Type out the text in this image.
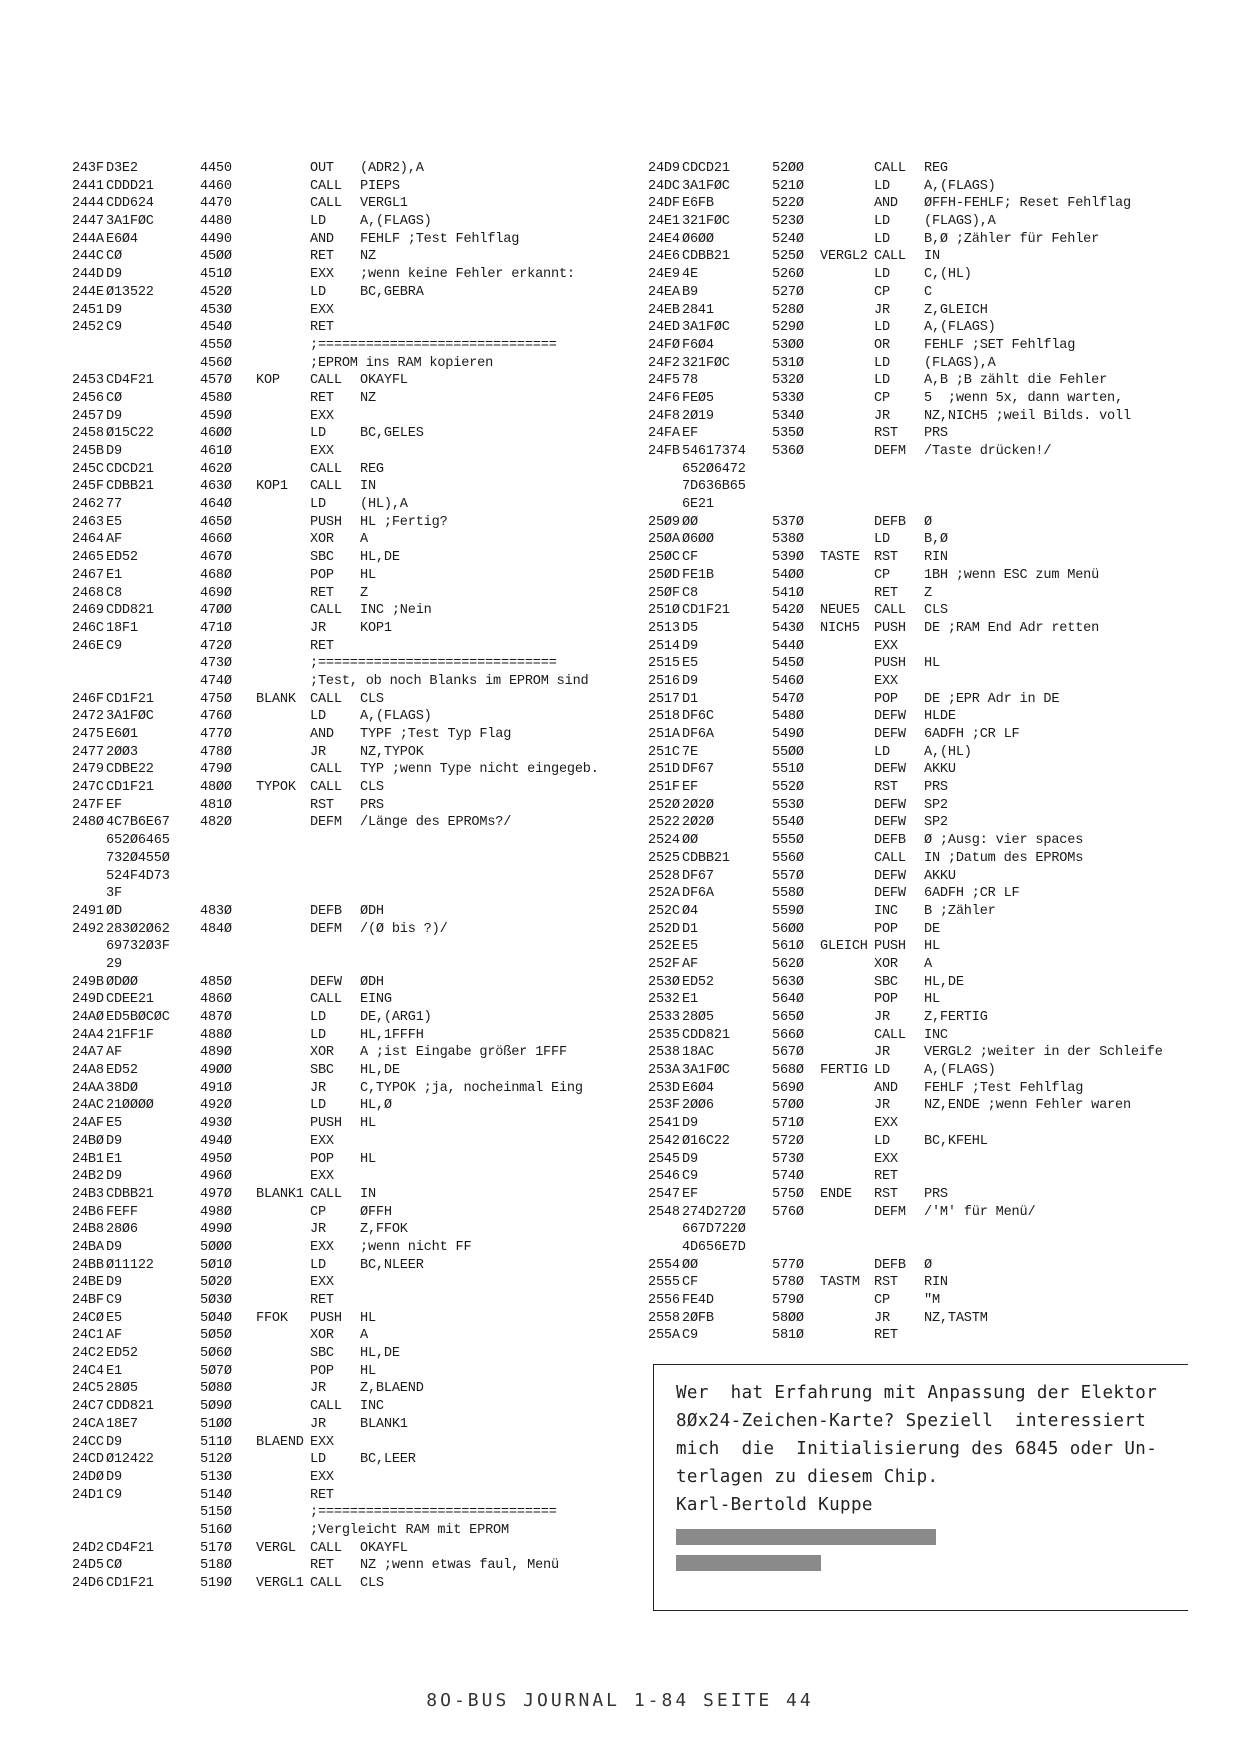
243F D3E2	4450	OUT (ADR2),A
2441 CDDD21	4460	CALL PIEPS
2444 CDD624	4470	CALL VERGL1
2447 3A1FØC	4480	LD	A,(FLAGS)
244A E6Ø4	4490	AND FEHLF ;Test Fehlflag
244C CØ	45ØØ	RET NZ
244D D9	451Ø	EXX ;wenn keine Fehler erkannt:
244E Ø13522	452Ø	LD	BC,GEBRA
2451 D9	453Ø	EXX
2452 C9	454Ø	RET
455Ø	;==============================
456Ø	;EPROM ins RAM kopieren
2453 CD4F21	457Ø KOP CALL OKAYFL
2456 CØ	458Ø	RET NZ
2457 D9	459Ø	EXX
2458 Ø15C22	46ØØ	LD	BC,GELES
245B D9	461Ø	EXX
245C CDCD21	462Ø	CALL REG
245F CDBB21	463Ø KOP1 CALL IN
2462 77	464Ø	LD	(HL),A
2463 E5	465Ø	PUSH HL ;Fertig?
2464 AF	466Ø	XOR A
2465 ED52	467Ø	SBC HL,DE
2467 E1	468Ø	POP HL
2468 C8	469Ø	RET Z
2469 CDD821	47ØØ	CALL INC ;Nein
246C 18F1	471Ø	JR	KOP1
246E C9	472Ø	RET
473Ø	;==============================
474Ø	;Test, ob noch Blanks im EPROM sind
246F CD1F21	475Ø BLANK CALL CLS
2472 3A1FØC	476Ø	LD	A,(FLAGS)
2475 E6Ø1	477Ø	AND TYPF ;Test Typ Flag
2477 2ØØ3	478Ø	JR	NZ,TYPOK
2479 CDBE22	479Ø	CALL TYP ;wenn Type nicht eingegeb.
247C CD1F21	48ØØ TYPOK CALL CLS
247F EF	481Ø	RST PRS
248Ø 4C7B6E67 482Ø	DEFM /Länge des EPROMs?/
652Ø6465
732Ø455Ø
524F4D73
3F
2491 ØD	483Ø	DEFB ØDH
2492 283Ø2Ø62 484Ø	DEFM /(Ø bis ?)/
69732Ø3F
29
249B ØDØØ	485Ø	DEFW ØDH
249D CDEE21	486Ø	CALL EING
24AØ ED5BØCØC 487Ø	LD	DE,(ARG1)
24A4 21FF1F	488Ø	LD	HL,1FFFH
24A7 AF	489Ø	XOR A ;ist Eingabe größer 1FFF
24A8 ED52	49ØØ	SBC HL,DE
24AA 38DØ	491Ø	JR	C,TYPOK ;ja, nocheinmal Eing
24AC 21ØØØØ	492Ø	LD	HL,Ø
24AF E5	493Ø	PUSH HL
24BØ D9	494Ø	EXX
24B1 E1	495Ø	POP HL
24B2 D9	496Ø	EXX
24B3 CDBB21	497Ø BLANK1 CALL IN
24B6 FEFF	498Ø	CP	ØFFH
24B8 28Ø6	499Ø	JR	Z,FFOK
24BA D9	5ØØØ	EXX ;wenn nicht FF
24BB Ø11122	5Ø1Ø	LD	BC,NLEER
24BE D9	5Ø2Ø	EXX
24BF C9	5Ø3Ø	RET
24CØ E5	5Ø4Ø FFOK PUSH HL
24C1 AF	5Ø5Ø	XOR A
24C2 ED52	5Ø6Ø	SBC HL,DE
24C4 E1	5Ø7Ø	POP HL
24C5 28Ø5	5Ø8Ø	JR	Z,BLAEND
24C7 CDD821	5Ø9Ø	CALL INC
24CA 18E7	51ØØ	JR	BLANK1
24CC D9	511Ø BLAEND EXX
24CD Ø12422	512Ø	LD	BC,LEER
24DØ D9	513Ø	EXX
24D1 C9	514Ø	RET
515Ø	;==============================
516Ø	;Vergleicht RAM mit EPROM
24D2 CD4F21	517Ø VERGL CALL OKAYFL
24D5 CØ	518Ø	RET NZ ;wenn etwas faul, Menü
24D6 CD1F21	519Ø VERGL1 CALL CLS
24D9 CDCD21	52ØØ	CALL REG
24DC 3A1FØC	521Ø	LD	A,(FLAGS)
24DF E6FB	522Ø	AND ØFFH-FEHLF; Reset Fehlflag
24E1 321FØC	523Ø	LD	(FLAGS),A
24E4 Ø6ØØ	524Ø	LD	B,Ø ;Zähler für Fehler
24E6 CDBB21	525Ø VERGL2 CALL IN
24E9 4E	526Ø	LD	C,(HL)
24EA B9	527Ø	CP	C
24EB 2841	528Ø	JR	Z,GLEICH
24ED 3A1FØC	529Ø	LD	A,(FLAGS)
24FØ F6Ø4	53ØØ	OR	FEHLF ;SET Fehlflag
24F2 321FØC	531Ø	LD	(FLAGS),A
24F5 78	532Ø	LD	A,B ;B zählt die Fehler
24F6 FEØ5	533Ø	CP	5  ;wenn 5x, dann warten,
24F8 2Ø19	534Ø	JR	NZ,NICH5 ;weil Bilds. voll
24FA EF	535Ø	RST PRS
24FB 54617374 536Ø	DEFM /Taste drücken!/
652Ø6472
7D636B65
6E21
25Ø9 ØØ	537Ø	DEFB Ø
25ØA Ø6ØØ	538Ø	LD	B,Ø
25ØC CF	539Ø TASTE RST RIN
25ØD FE1B	54ØØ	CP	1BH ;wenn ESC zum Menü
25ØF C8	541Ø	RET Z
251Ø CD1F21	542Ø NEUE5 CALL CLS
2513 D5	543Ø NICH5 PUSH DE ;RAM End Adr retten
2514 D9	544Ø	EXX
2515 E5	545Ø	PUSH HL
2516 D9	546Ø	EXX
2517 D1	547Ø	POP DE ;EPR Adr in DE
2518 DF6C	548Ø	DEFW HLDE
251A DF6A	549Ø	DEFW 6ADFH ;CR LF
251C 7E	55ØØ	LD	A,(HL)
251D DF67	551Ø	DEFW AKKU
251F EF	552Ø	RST PRS
252Ø 2Ø2Ø	553Ø	DEFW SP2
2522 2Ø2Ø	554Ø	DEFW SP2
2524 ØØ	555Ø	DEFB Ø ;Ausg: vier spaces
2525 CDBB21	556Ø	CALL IN ;Datum des EPROMs
2528 DF67	557Ø	DEFW AKKU
252A DF6A	558Ø	DEFW 6ADFH ;CR LF
252C Ø4	559Ø	INC B ;Zähler
252D D1	56ØØ	POP DE
252E E5	561Ø GLEICH PUSH HL
252F AF	562Ø	XOR A
253Ø ED52	563Ø	SBC HL,DE
2532 E1	564Ø	POP HL
2533 28Ø5	565Ø	JR	Z,FERTIG
2535 CDD821	566Ø	CALL INC
2538 18AC	567Ø	JR	VERGL2 ;weiter in der Schleife
253A 3A1FØC	568Ø FERTIG LD	A,(FLAGS)
253D E6Ø4	569Ø	AND FEHLF ;Test Fehlflag
253F 2ØØ6	57ØØ	JR	NZ,ENDE ;wenn Fehler waren
2541 D9	571Ø	EXX
2542 Ø16C22	572Ø	LD	BC,KFEHL
2545 D9	573Ø	EXX
2546 C9	574Ø	RET
2547 EF	575Ø ENDE RST PRS
2548 274D272Ø 576Ø	DEFM /'M' für Menü/
667D722Ø
4D656E7D
2554 ØØ	577Ø	DEFB Ø
2555 CF	578Ø TASTM RST RIN
2556 FE4D	579Ø	CP	"M
2558 2ØFB	58ØØ	JR	NZ,TASTM
255A C9	581Ø	RET
Wer  hat Erfahrung mit Anpassung der Elektor
8Øx24-Zeichen-Karte? Speziell  interessiert
mich  die  Initialisierung des 6845 oder Un-
terlagen zu diesem Chip.
Karl-Bertold Kuppe
8O-BUS JOURNAL 1-84 SEITE 44
